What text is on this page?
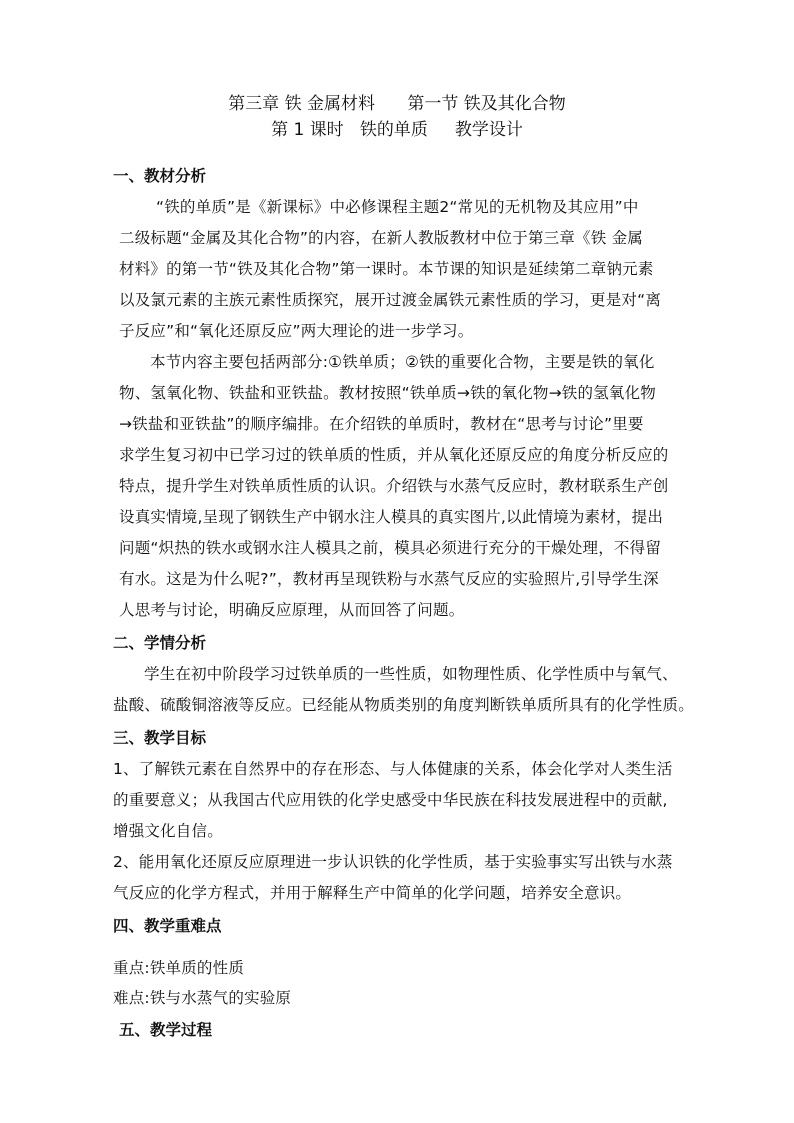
第三章 铁 金属材料      第一节 铁及其化合物
第 1 课时   铁的单质     教学设计
一、教材分析
“铁的单质”是《新课标》中必修课程主题2“常见的无机物及其应用”中
二级标题“金属及其化合物”的内容，在新人教版教材中位于第三章《铁 金属
材料》的第一节“铁及其化合物”第一课时。本节课的知识是延续第二章钠元素
以及氯元素的主族元素性质探究，展开过渡金属铁元素性质的学习，更是对“离
子反应”和“氧化还原反应”两大理论的进一步学习。
本节内容主要包括两部分:①铁单质；②铁的重要化合物，主要是铁的氧化
物、氢氧化物、铁盐和亚铁盐。教材按照“铁单质→铁的氧化物→铁的氢氧化物
→铁盐和亚铁盐”的顺序编排。在介绍铁的单质时，教材在“思考与讨论”里要
求学生复习初中已学习过的铁单质的性质，并从氧化还原反应的角度分析反应的
特点，提升学生对铁单质性质的认识。介绍铁与水蒸气反应时，教材联系生产创
设真实情境,呈现了钢铁生产中钢水注人模具的真实图片,以此情境为素材，提出
问题“炽热的铁水或钢水注人模具之前，模具必须进行充分的干燥处理，不得留
有水。这是为什么呢?”，教材再呈现铁粉与水蒸气反应的实验照片,引导学生深
人思考与讨论，明确反应原理，从而回答了问题。
二、学情分析
学生在初中阶段学习过铁单质的一些性质，如物理性质、化学性质中与氧气、
盐酸、硫酸铜溶液等反应。已经能从物质类别的角度判断铁单质所具有的化学性质。
三、教学目标
1、了解铁元素在自然界中的存在形态、与人体健康的关系，体会化学对人类生活
的重要意义；从我国古代应用铁的化学史感受中华民族在科技发展进程中的贡献,
增强文化自信。
2、能用氧化还原反应原理进一步认识铁的化学性质，基于实验事实写出铁与水蒸
气反应的化学方程式，并用于解释生产中简单的化学问题，培养安全意识。
四、教学重难点
重点:铁单质的性质
难点:铁与水蒸气的实验原
五、教学过程
